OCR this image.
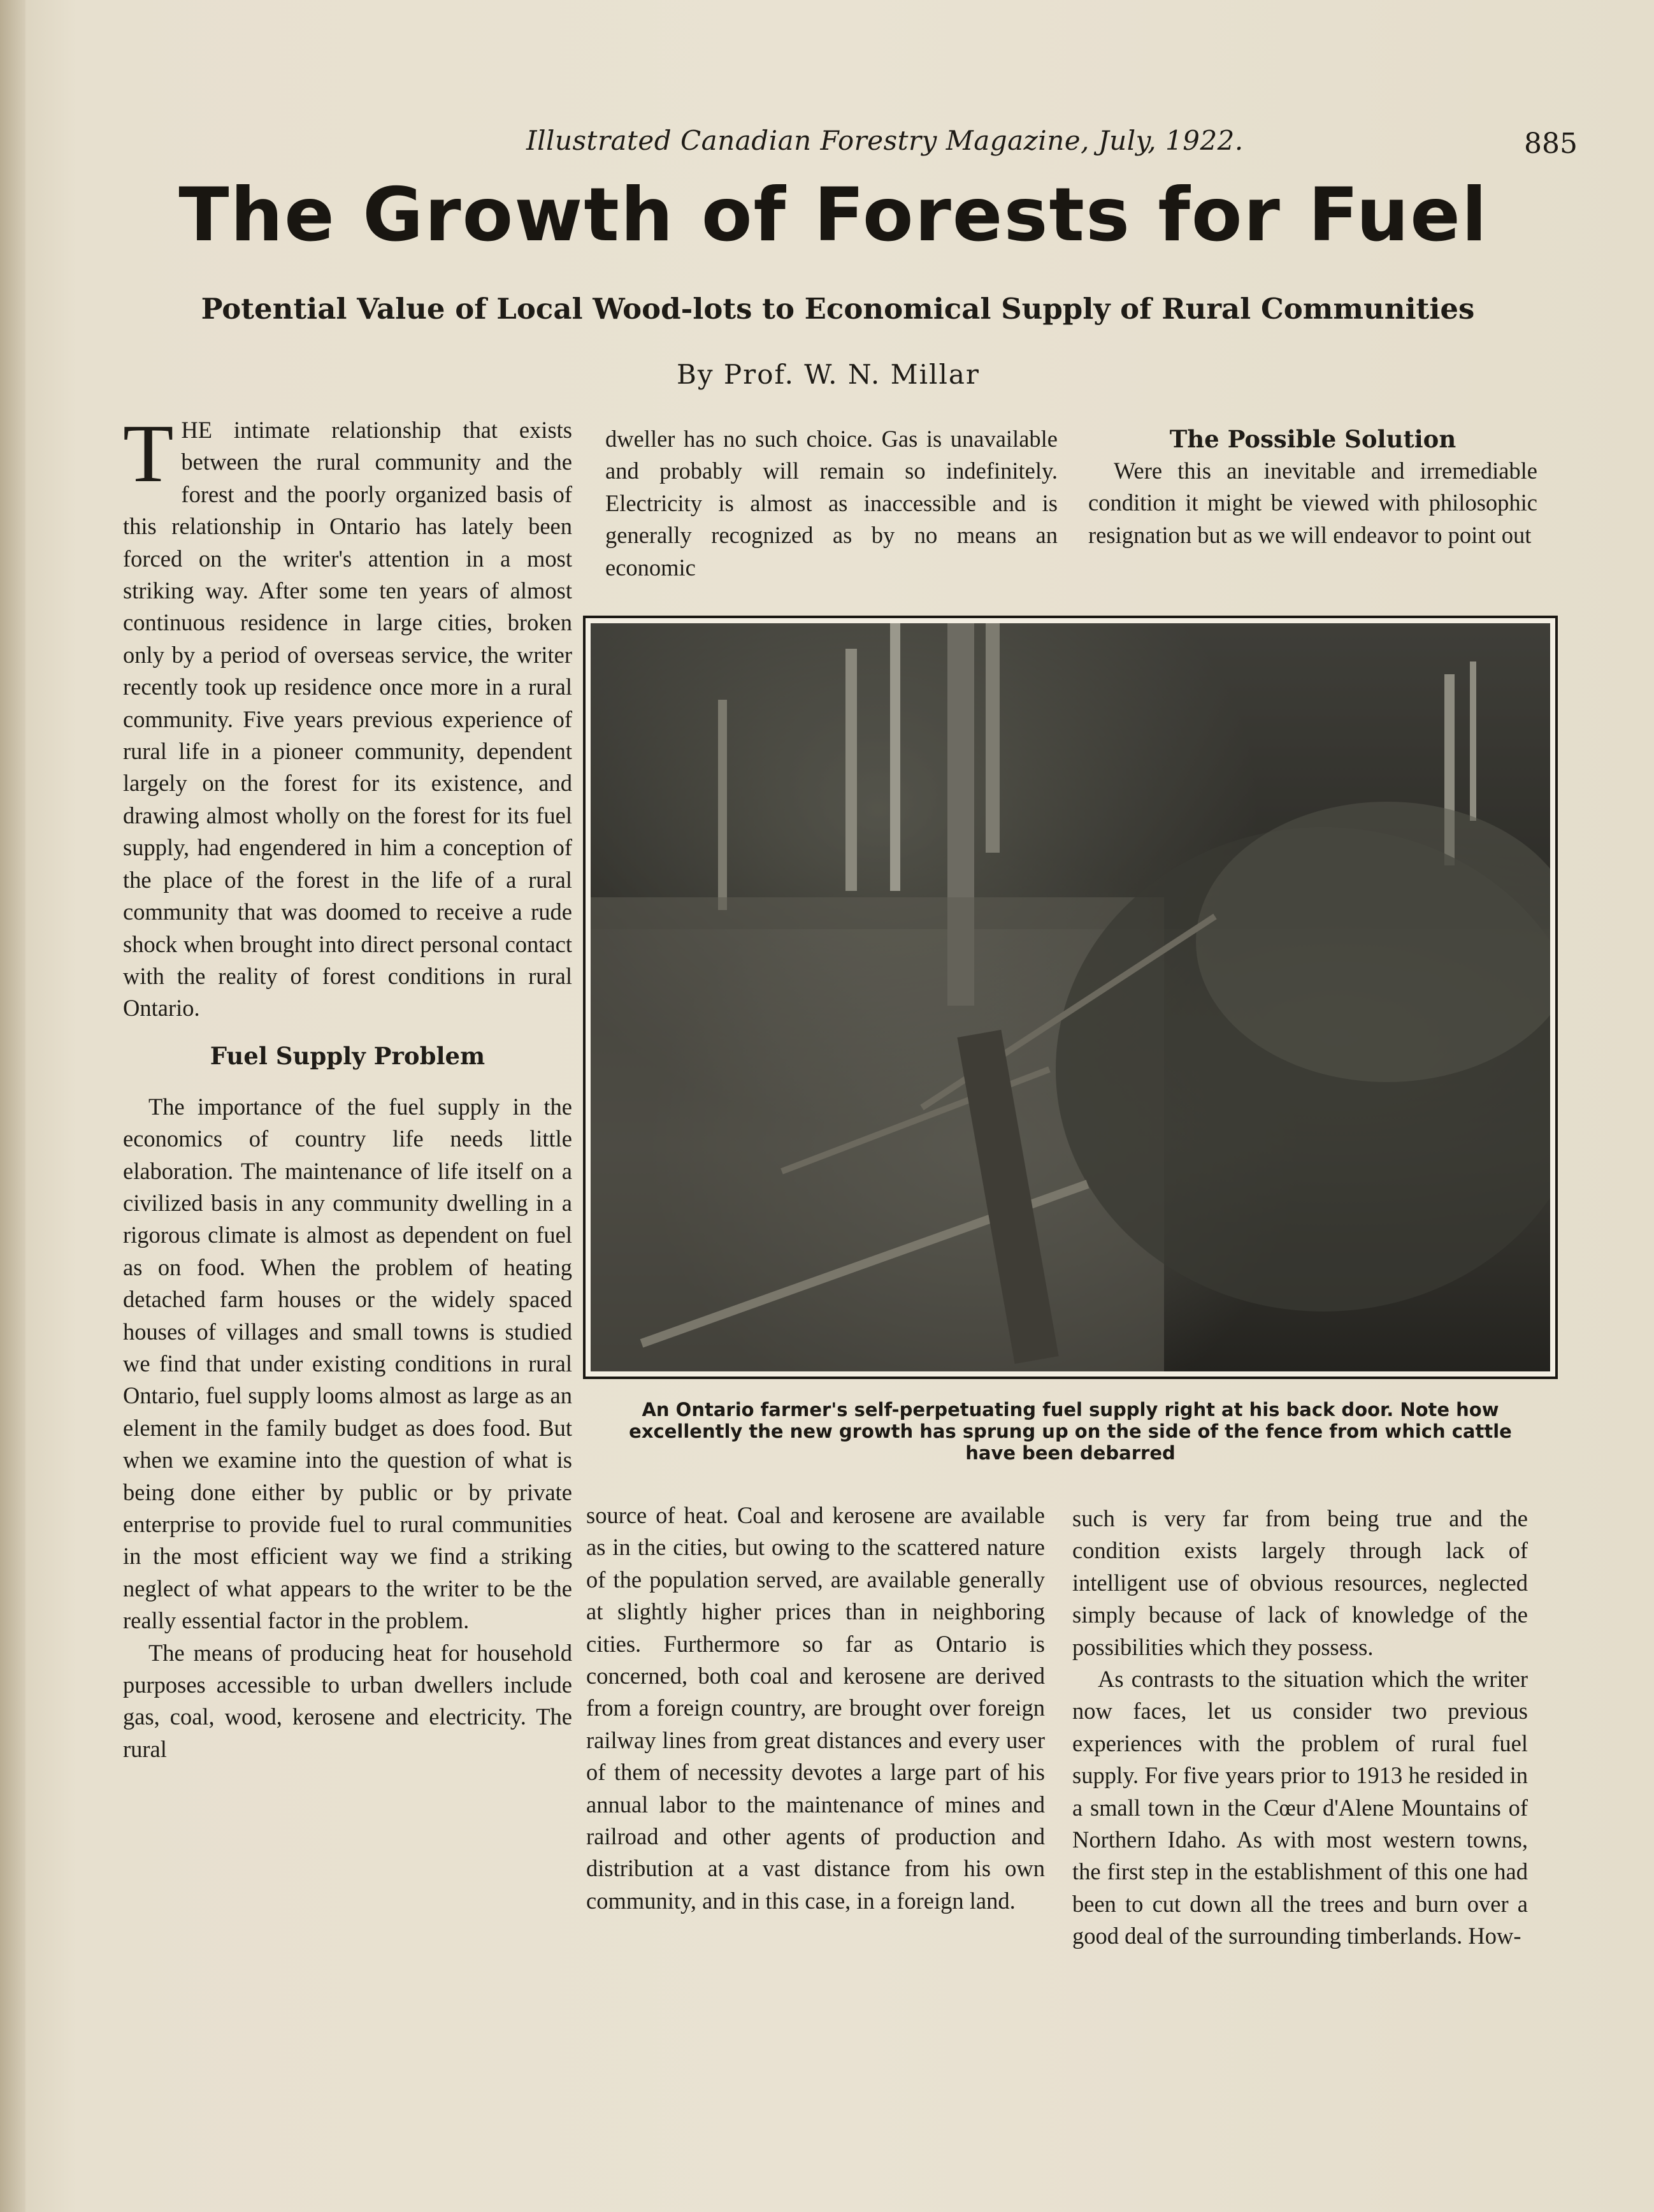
Illustrated Canadian Forestry Magazine, July, 1922.	885
The Growth of Forests for Fuel
Potential Value of Local Wood-lots to Economical Supply of Rural Communities
By Prof. W. N. Millar

THE intimate relationship that exists between the rural community and the forest and the poorly organized basis of this relationship in Ontario has lately been forced on the writer's attention in a most striking way. After some ten years of almost continuous residence in large cities, broken only by a period of overseas service, the writer recently took up residence once more in a rural community. Five years previous experience of rural life in a pioneer community, dependent largely on the forest for its existence, and drawing almost wholly on the forest for its fuel supply, had engendered in him a conception of the place of the forest in the life of a rural community that was doomed to receive a rude shock when brought into direct personal contact with the reality of forest conditions in rural Ontario.

Fuel Supply Problem

The importance of the fuel supply in the economics of country life needs little elaboration. The maintenance of life itself on a civilized basis in any community dwelling in a rigorous climate is almost as dependent on fuel as on food. When the problem of heating detached farm houses or the widely spaced houses of villages and small towns is studied we find that under existing conditions in rural Ontario, fuel supply looms almost as large as an element in the family budget as does food. But when we examine into the question of what is being done either by public or by private enterprise to provide fuel to rural communities in the most efficient way we find a striking neglect of what appears to the writer to be the really essential factor in the problem.

The means of producing heat for household purposes accessible to urban dwellers include gas, coal, wood, kerosene and electricity. The rural

dweller has no such choice. Gas is unavailable and probably will remain so indefinitely. Electricity is almost as inaccessible and is generally recognized as by no means an economic

The Possible Solution

Were this an inevitable and irremediable condition it might be viewed with philosophic resignation but as we will endeavor to point out

An Ontario farmer's self-perpetuating fuel supply right at his back door. Note how excellently the new growth has sprung up on the side of the fence from which cattle have been debarred

source of heat. Coal and kerosene are available as in the cities, but owing to the scattered nature of the population served, are available generally at slightly higher prices than in neighboring cities. Furthermore so far as Ontario is concerned, both coal and kerosene are derived from a foreign country, are brought over foreign railway lines from great distances and every user of them of necessity devotes a large part of his annual labor to the maintenance of mines and railroad and other agents of production and distribution at a vast distance from his own community, and in this case, in a foreign land.

such is very far from being true and the condition exists largely through lack of intelligent use of obvious resources, neglected simply because of lack of knowledge of the possibilities which they possess.

As contrasts to the situation which the writer now faces, let us consider two previous experiences with the problem of rural fuel supply. For five years prior to 1913 he resided in a small town in the Cœur d'Alene Mountains of Northern Idaho. As with most western towns, the first step in the establishment of this one had been to cut down all the trees and burn over a good deal of the surrounding timberlands. How-
